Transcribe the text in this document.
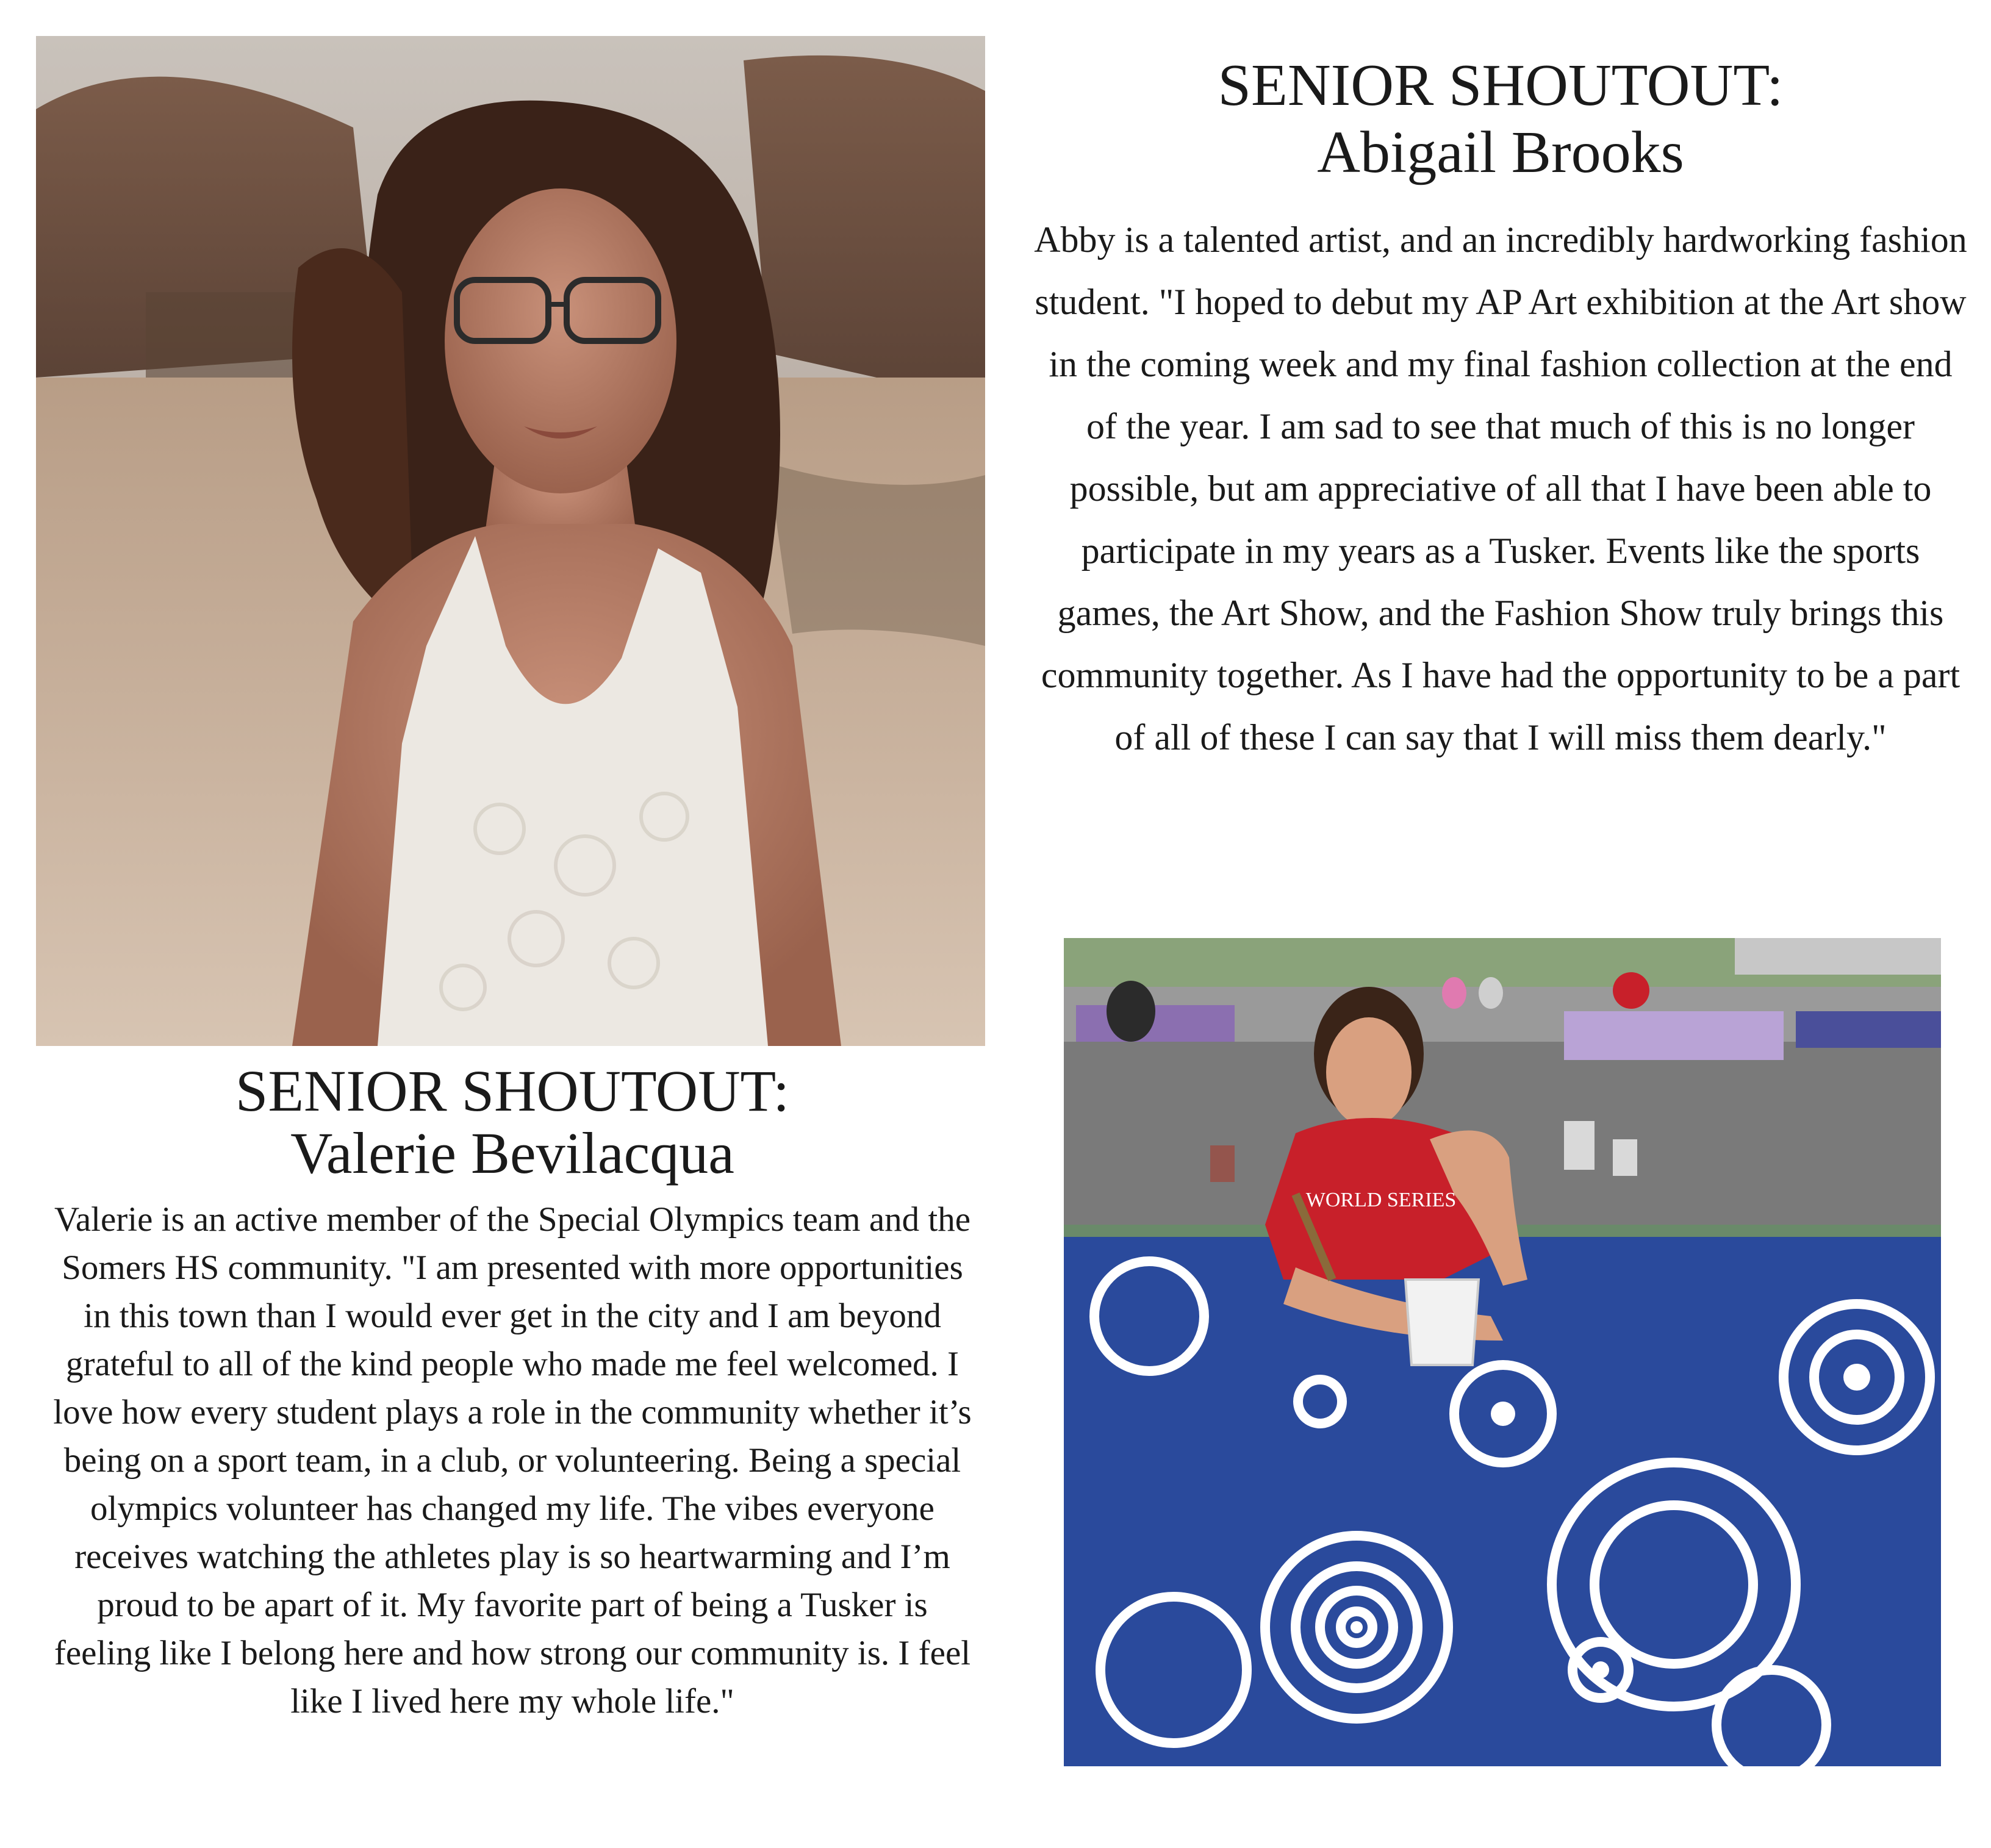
SENIOR SHOUTOUT:
Abigail Brooks

Abby is a talented artist, and an incredibly hardworking fashion student. "I hoped to debut my AP Art exhibition at the Art show in the coming week and my final fashion collection at the end of the year. I am sad to see that much of this is no longer possible, but am appreciative of all that I have been able to participate in my years as a Tusker. Events like the sports games, the Art Show, and the Fashion Show truly brings this community together. As I have had the opportunity to be a part of all of these I can say that I will miss them dearly."

SENIOR SHOUTOUT:
Valerie Bevilacqua

Valerie is an active member of the Special Olympics team and the Somers HS community. "I am presented with more opportunities in this town than I would ever get in the city and I am beyond grateful to all of the kind people who made me feel welcomed. I love how every student plays a role in the community whether it’s being on a sport team, in a club, or volunteering. Being a special olympics volunteer has changed my life. The vibes everyone receives watching the athletes play is so heartwarming and I’m proud to be apart of it. My favorite part of being a Tusker is feeling like I belong here and how strong our community is. I feel like I lived here my whole life."

WORLD SERIES
